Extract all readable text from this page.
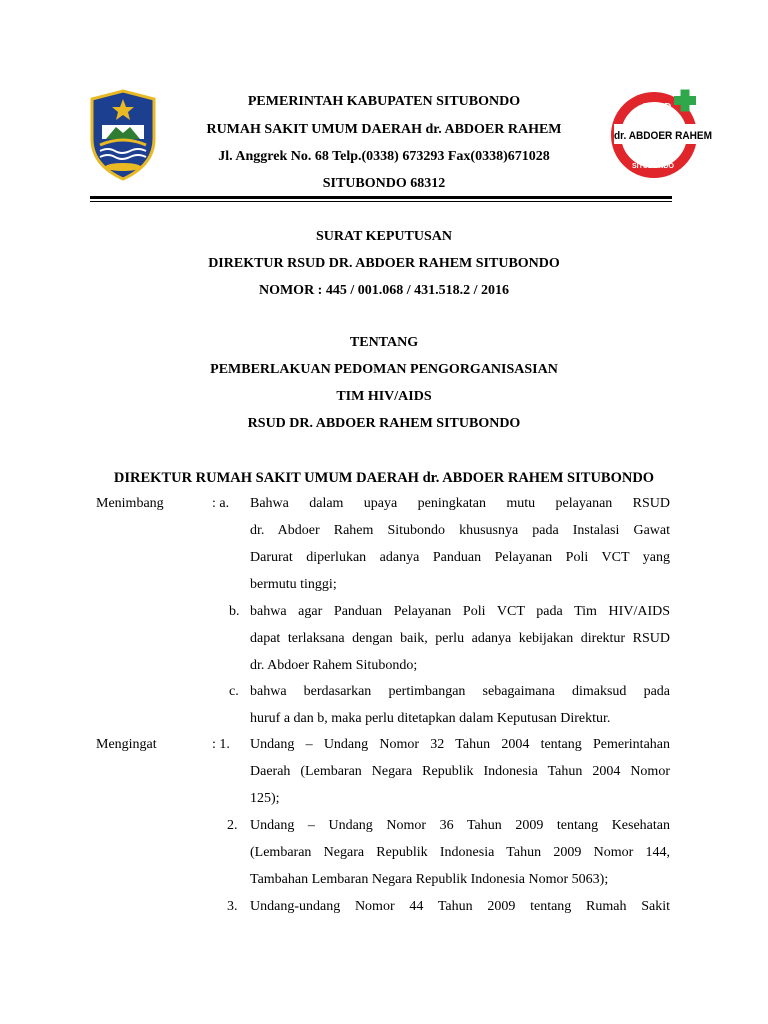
RSUD
dr. ABDOER RAHEM
SITUBONDO
PEMERINTAH KABUPATEN SITUBONDO
RUMAH SAKIT UMUM DAERAH dr. ABDOER RAHEM
Jl. Anggrek No. 68 Telp.(0338) 673293 Fax(0338)671028
SITUBONDO 68312
SURAT KEPUTUSAN
DIREKTUR RSUD DR. ABDOER RAHEM SITUBONDO
NOMOR : 445 / 001.068 / 431.518.2 / 2016
TENTANG
PEMBERLAKUAN PEDOMAN PENGORGANISASIAN
TIM HIV/AIDS
RSUD DR. ABDOER RAHEM SITUBONDO
DIREKTUR RUMAH SAKIT UMUM DAERAH dr. ABDOER RAHEM SITUBONDO
Menimbang	: a. Bahwa dalam upaya peningkatan mutu pelayanan RSUD
dr. Abdoer Rahem Situbondo khususnya pada Instalasi Gawat
Darurat diperlukan adanya Panduan Pelayanan Poli VCT yang
bermutu tinggi;
b. bahwa agar Panduan Pelayanan Poli VCT pada Tim HIV/AIDS
dapat terlaksana dengan baik, perlu adanya kebijakan direktur RSUD
dr. Abdoer Rahem Situbondo;
c. bahwa berdasarkan pertimbangan sebagaimana dimaksud pada
huruf a dan b, maka perlu ditetapkan dalam Keputusan Direktur.
Mengingat	: 1. Undang – Undang Nomor 32 Tahun 2004 tentang Pemerintahan
Daerah (Lembaran Negara Republik Indonesia Tahun 2004 Nomor
125);
2. Undang – Undang Nomor 36 Tahun 2009 tentang Kesehatan
(Lembaran Negara Republik Indonesia Tahun 2009 Nomor 144,
Tambahan Lembaran Negara Republik Indonesia Nomor 5063);
3. Undang-undang Nomor 44 Tahun 2009 tentang Rumah Sakit
